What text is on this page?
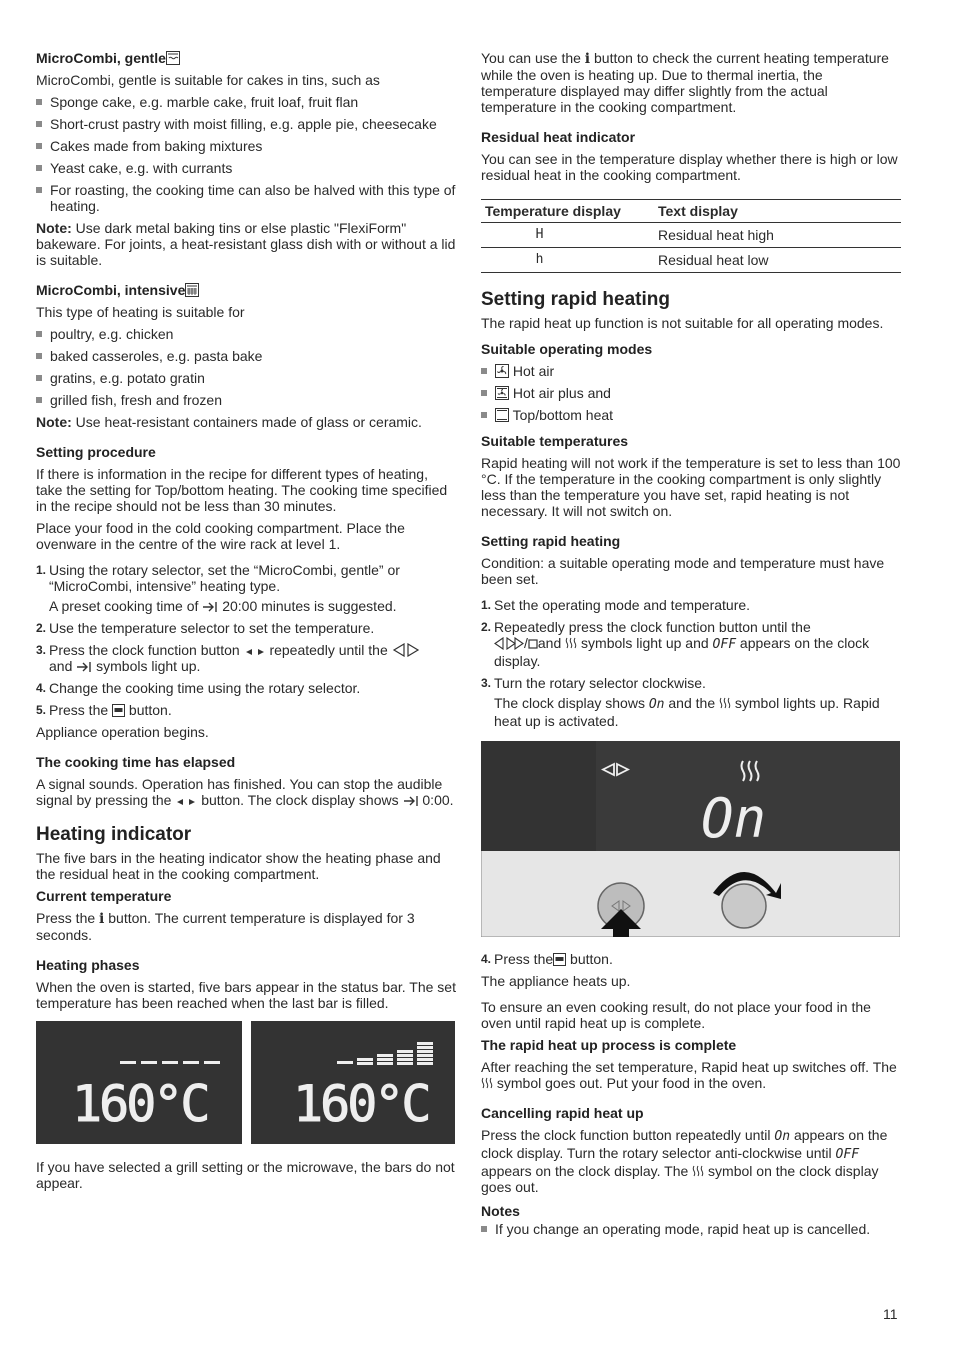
MicroCombi, gentle

MicroCombi, gentle is suitable for cakes in tins, such as

Sponge cake, e.g. marble cake, fruit loaf, fruit flan
Short-crust pastry with moist filling, e.g. apple pie, cheesecake
Cakes made from baking mixtures
Yeast cake, e.g. with currants
For roasting, the cooking time can also be halved with this type of heating.

Note: Use dark metal baking tins or else plastic "FlexiForm" bakeware. For joints, a heat-resistant glass dish with or without a lid is suitable.

MicroCombi, intensive

This type of heating is suitable for

poultry, e.g. chicken
baked casseroles, e.g. pasta bake
gratins, e.g. potato gratin
grilled fish, fresh and frozen

Note: Use heat-resistant containers made of glass or ceramic.

Setting procedure

If there is information in the recipe for different types of heating, take the setting for Top/bottom heating. The cooking time specified in the recipe should not be less than 30 minutes.

Place your food in the cold cooking compartment. Place the ovenware in the centre of the wire rack at level 1.

1. Using the rotary selector, set the “MicroCombi, gentle” or “MicroCombi, intensive” heating type.
A preset cooking time of  20:00 minutes is suggested.
2. Use the temperature selector to set the temperature.
3. Press the clock function button  repeatedly until the
and  symbols light up.
4. Change the cooking time using the rotary selector.
5. Press the  button.

Appliance operation begins.

The cooking time has elapsed

A signal sounds. Operation has finished. You can stop the audible signal by pressing the  button. The clock display shows  0:00.

Heating indicator

The five bars in the heating indicator show the heating phase and the residual heat in the cooking compartment.

Current temperature

Press the i button. The current temperature is displayed for 3 seconds.

Heating phases

When the oven is started, five bars appear in the status bar. The set temperature has been reached when the last bar is filled.

160°C 160°C

If you have selected a grill setting or the microwave, the bars do not appear.

You can use the i button to check the current heating temperature while the oven is heating up. Due to thermal inertia, the temperature displayed may differ slightly from the actual temperature in the cooking compartment.

Residual heat indicator

You can see in the temperature display whether there is high or low residual heat in the cooking compartment.

Temperature display	Text display
H	Residual heat high
h	Residual heat low
Setting rapid heating

The rapid heat up function is not suitable for all operating modes.

Suitable operating modes
Hot air
Hot air plus and
Top/bottom heat
Suitable temperatures

Rapid heating will not work if the temperature is set to less than 100 °C. If the temperature in the cooking compartment is only slightly less than the temperature you have set, rapid heating is not necessary. It will not switch on.

Setting rapid heating

Condition: a suitable operating mode and temperature must have been set.

1. Set the operating mode and temperature.
2. Repeatedly press the clock function button until the
/ and  symbols light up and OFF appears on the clock display.
3. Turn the rotary selector clockwise.
The clock display shows On and the  symbol lights up. Rapid heat up is activated.
On
4. Press the button.

The appliance heats up.

To ensure an even cooking result, do not place your food in the oven until rapid heat up is complete.

The rapid heat up process is complete

After reaching the set temperature, Rapid heat up switches off. The  symbol goes out. Put your food in the oven.

Cancelling rapid heat up

Press the clock function button repeatedly until On appears on the clock display. Turn the rotary selector anti-clockwise until OFF appears on the clock display. The  symbol on the clock display goes out.

Notes
If you change an operating mode, rapid heat up is cancelled.
11
